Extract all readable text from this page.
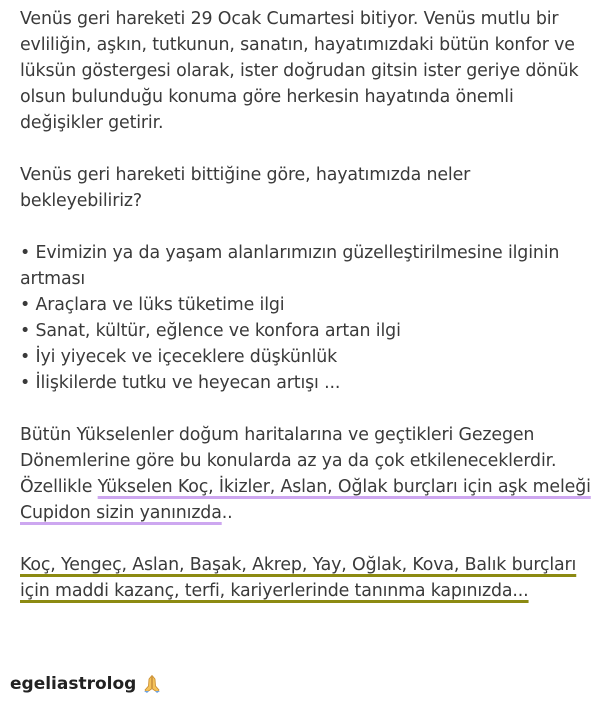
Venüs geri hareketi 29 Ocak Cumartesi bitiyor. Venüs mutlu bir evliliğin, aşkın, tutkunun, sanatın, hayatımızdaki bütün konfor ve lüksün göstergesi olarak, ister doğrudan gitsin ister geriye dönük olsun bulunduğu konuma göre herkesin hayatında önemli değişikler getirir.

Venüs geri hareketi bittiğine göre, hayatımızda neler bekleyebiliriz?

• Evimizin ya da yaşam alanlarımızın güzelleştirilmesine ilginin artması

• Araçlara ve lüks tüketime ilgi

• Sanat, kültür, eğlence ve konfora artan ilgi

• İyi yiyecek ve içeceklere düşkünlük

• İlişkilerde tutku ve heyecan artışı ...

Bütün Yükselenler doğum haritalarına ve geçtikleri Gezegen Dönemlerine göre bu konularda az ya da çok etkileneceklerdir. Özellikle Yükselen Koç, İkizler, Aslan, Oğlak burçları için aşk meleği Cupidon sizin yanınızda..

Koç, Yengeç, Aslan, Başak, Akrep, Yay, Oğlak, Kova, Balık burçları için maddi kazanç, terfi, kariyerlerinde tanınma kapınızda...

egeliastrolog
